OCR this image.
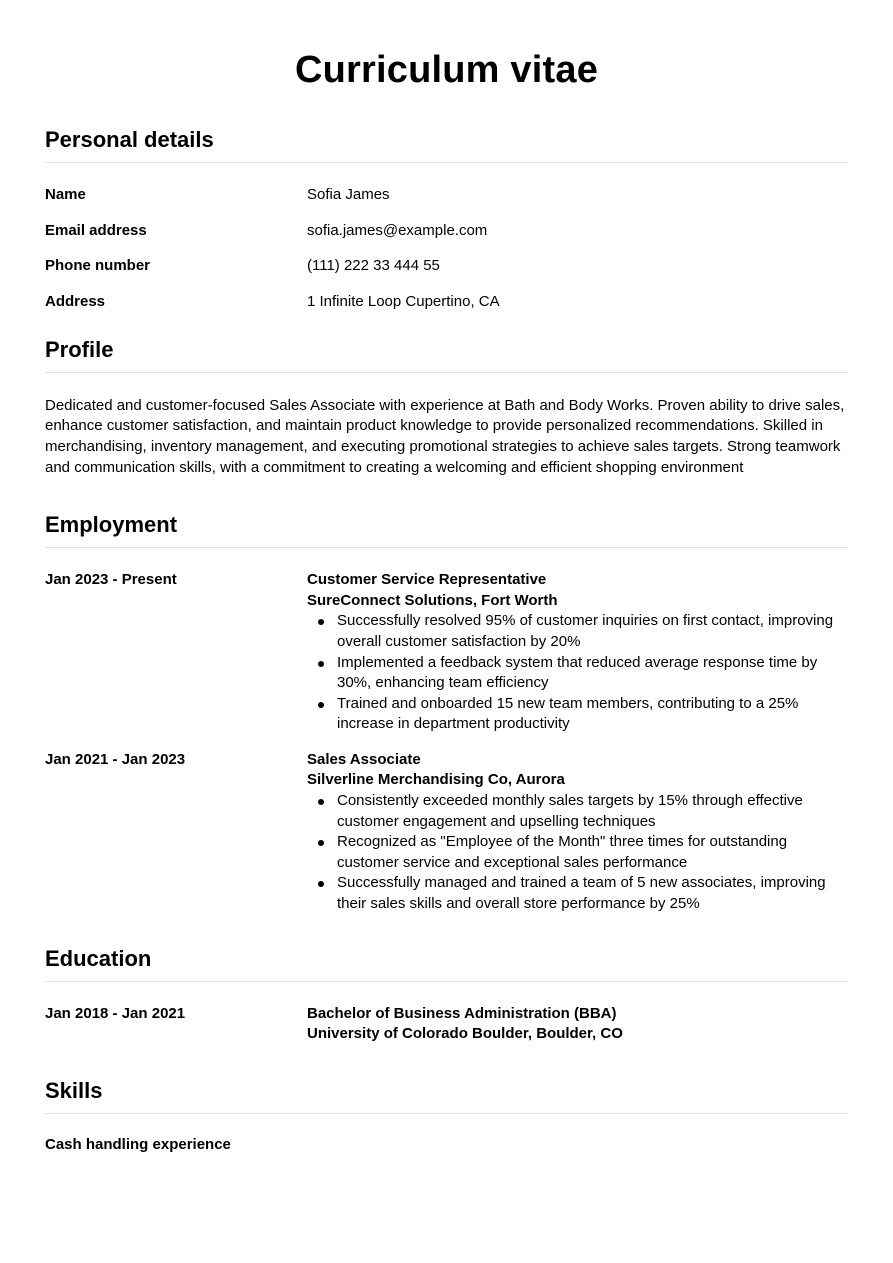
Curriculum vitae
Personal details
Name	Sofia James
Email address	sofia.james@example.com
Phone number	(111) 222 33 444 55
Address	1 Infinite Loop Cupertino, CA
Profile

Dedicated and customer-focused Sales Associate with experience at Bath and Body Works. Proven ability to drive sales, enhance customer satisfaction, and maintain product knowledge to provide personalized recommendations. Skilled in merchandising, inventory management, and executing promotional strategies to achieve sales targets. Strong teamwork and communication skills, with a commitment to creating a welcoming and efficient shopping environment

Employment
Jan 2023 - Present	Customer Service Representative
SureConnect Solutions, Fort Worth
Successfully resolved 95% of customer inquiries on first contact, improving overall customer satisfaction by 20%
Implemented a feedback system that reduced average response time by 30%, enhancing team efficiency
Trained and onboarded 15 new team members, contributing to a 25% increase in department productivity
Jan 2021 - Jan 2023	Sales Associate
Silverline Merchandising Co, Aurora
Consistently exceeded monthly sales targets by 15% through effective customer engagement and upselling techniques
Recognized as "Employee of the Month" three times for outstanding customer service and exceptional sales performance
Successfully managed and trained a team of 5 new associates, improving their sales skills and overall store performance by 25%
Education
Jan 2018 - Jan 2021	Bachelor of Business Administration (BBA)
University of Colorado Boulder, Boulder, CO
Skills
Cash handling experience
